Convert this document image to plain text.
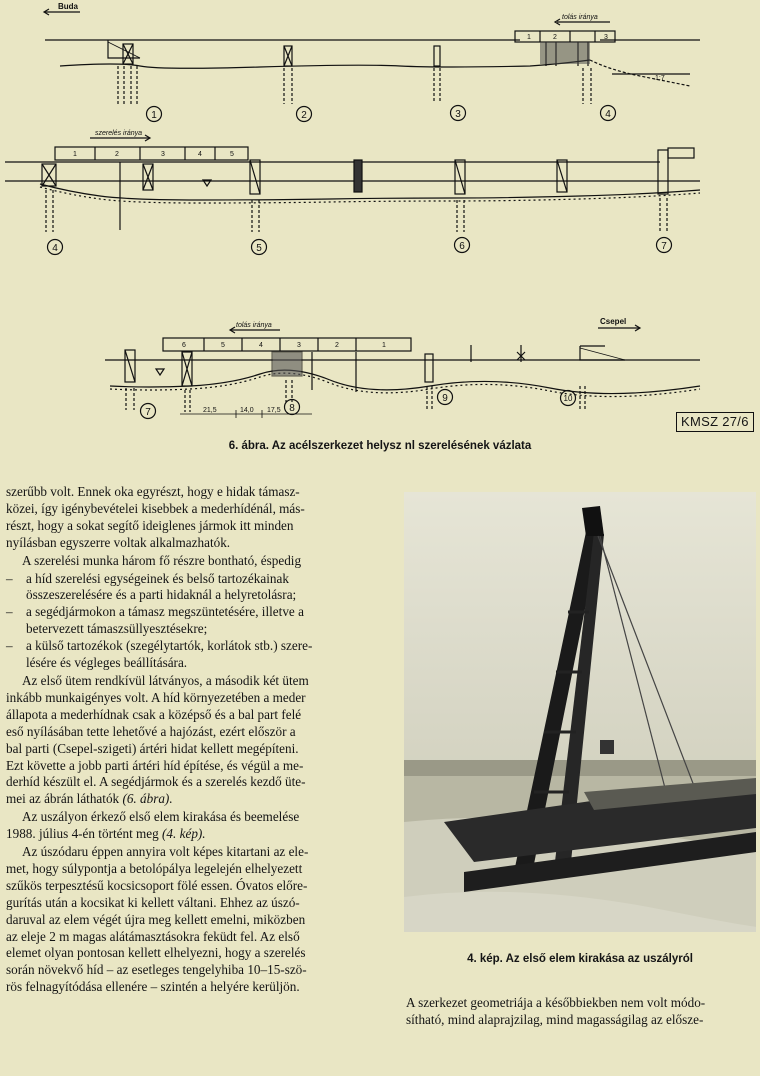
1	2	3	4
4	5	6	7
7	8
9	10
Buda
tolás iránya
szerelés iránya
tolás iránya	Csepel
1:7
1	2	3
1	2	3	4	5
6	5	4	3	2	1
21,5	14,0 17,5
KMSZ 27/6
6. ábra. Az acélszerkezet helysz nl szerelésének vázlata

szerűbb volt. Ennek oka egyrészt, hogy e hidak támasz-
közei, így igénybevételei kisebbek a mederhídénál, más-
részt, hogy a sokat segítő ideiglenes jármok itt minden
nyílásban egyszerre voltak alkalmazhatók.

A szerelési munka három fő részre bontható, éspedig

–	a híd szerelési egységeinek és belső tartozékainak
összeszerelésére és a parti hidaknál a helyretolásra;
–	a segédjármokon a támasz megszüntetésére, illetve a
betervezett támaszsüllyesztésekre;
–	a külső tartozékok (szegélytartók, korlátok stb.) szere-
lésére és végleges beállítására.

Az első ütem rendkívül látványos, a második két ütem
inkább munkaigényes volt. A híd környezetében a meder
állapota a mederhídnak csak a középső és a bal part felé
eső nyílásában tette lehetővé a hajózást, ezért először a
bal parti (Csepel-szigeti) ártéri hidat kellett megépíteni.
Ezt követte a jobb parti ártéri híd építése, és végül a me-
derhíd készült el. A segédjármok és a szerelés kezdő üte-
mei az ábrán láthatók (6. ábra).

Az uszályon érkező első elem kirakása és beemelése
1988. július 4-én történt meg (4. kép).

Az úszódaru éppen annyira volt képes kitartani az ele-
met, hogy súlypontja a betolópálya legelején elhelyezett
szűkös terpesztésű kocsicsoport fölé essen. Óvatos előre-
gurítás után a kocsikat ki kellett váltani. Ehhez az úszó-
daruval az elem végét újra meg kellett emelni, miközben
az eleje 2 m magas alátámasztásokra feküdt fel. Az első
elemet olyan pontosan kellett elhelyezni, hogy a szerelés
során növekvő híd – az esetleges tengelyhiba 10–15-szö-
rös felnagyítódása ellenére – szintén a helyére kerüljön.

4. kép. Az első elem kirakása az uszályról

A szerkezet geometriája a későbbiekben nem volt módo-
sítható, mind alaprajzilag, mind magasságilag az elősze-
